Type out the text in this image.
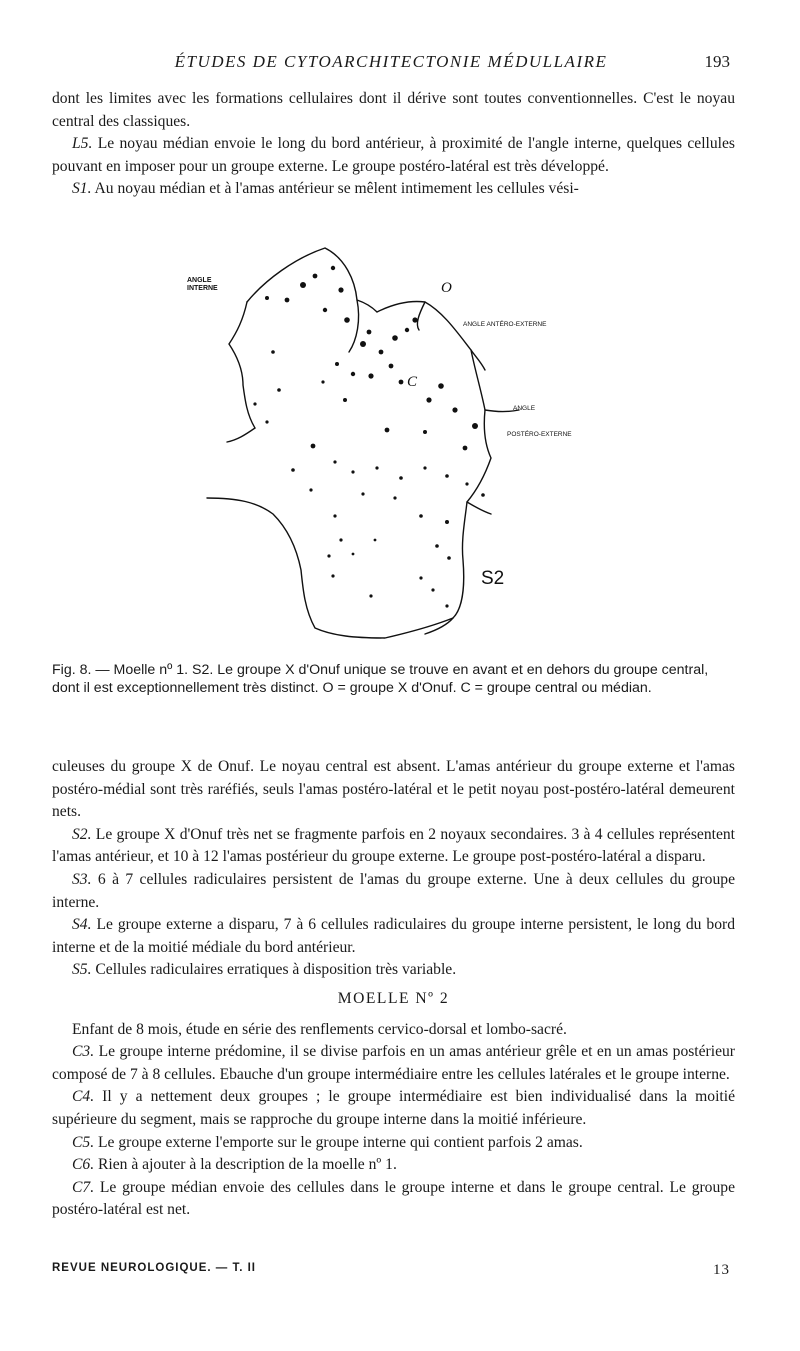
ÉTUDES DE CYTOARCHITECTONIE MÉDULLAIRE	193

dont les limites avec les formations cellulaires dont il dérive sont toutes conventionnelles. C'est le noyau central des classiques.

L5. Le noyau médian envoie le long du bord antérieur, à proximité de l'angle interne, quelques cellules pouvant en imposer pour un groupe externe. Le groupe postéro-latéral est très développé.

S1. Au noyau médian et à l'amas antérieur se mêlent intimement les cellules vési-

ANGLE
INTERNE	O
ANGLE ANTÉRO-EXTERNE
C
ANGLE
POSTÉRO-EXTERNE
S2
Fig. 8. — Moelle nº 1. S2. Le groupe X d'Onuf unique se trouve en avant et en dehors du groupe central, dont il est exceptionnellement très distinct. O = groupe X d'Onuf. C = groupe central ou médian.

culeuses du groupe X de Onuf. Le noyau central est absent. L'amas antérieur du groupe externe et l'amas postéro-médial sont très raréfiés, seuls l'amas postéro-latéral et le petit noyau post-postéro-latéral demeurent nets.

S2. Le groupe X d'Onuf très net se fragmente parfois en 2 noyaux secondaires. 3 à 4 cellules représentent l'amas antérieur, et 10 à 12 l'amas postérieur du groupe externe. Le groupe post-postéro-latéral a disparu.

S3. 6 à 7 cellules radiculaires persistent de l'amas du groupe externe. Une à deux cellules du groupe interne.

S4. Le groupe externe a disparu, 7 à 6 cellules radiculaires du groupe interne persistent, le long du bord interne et de la moitié médiale du bord antérieur.

S5. Cellules radiculaires erratiques à disposition très variable.

MOELLE Nº 2

Enfant de 8 mois, étude en série des renflements cervico-dorsal et lombo-sacré.

C3. Le groupe interne prédomine, il se divise parfois en un amas antérieur grêle et en un amas postérieur composé de 7 à 8 cellules. Ebauche d'un groupe intermédiaire entre les cellules latérales et le groupe interne.

C4. Il y a nettement deux groupes ; le groupe intermédiaire est bien individualisé dans la moitié supérieure du segment, mais se rapproche du groupe interne dans la moitié inférieure.

C5. Le groupe externe l'emporte sur le groupe interne qui contient parfois 2 amas.

C6. Rien à ajouter à la description de la moelle nº 1.

C7. Le groupe médian envoie des cellules dans le groupe interne et dans le groupe central. Le groupe postéro-latéral est net.

REVUE NEUROLOGIQUE. — T. II	13
